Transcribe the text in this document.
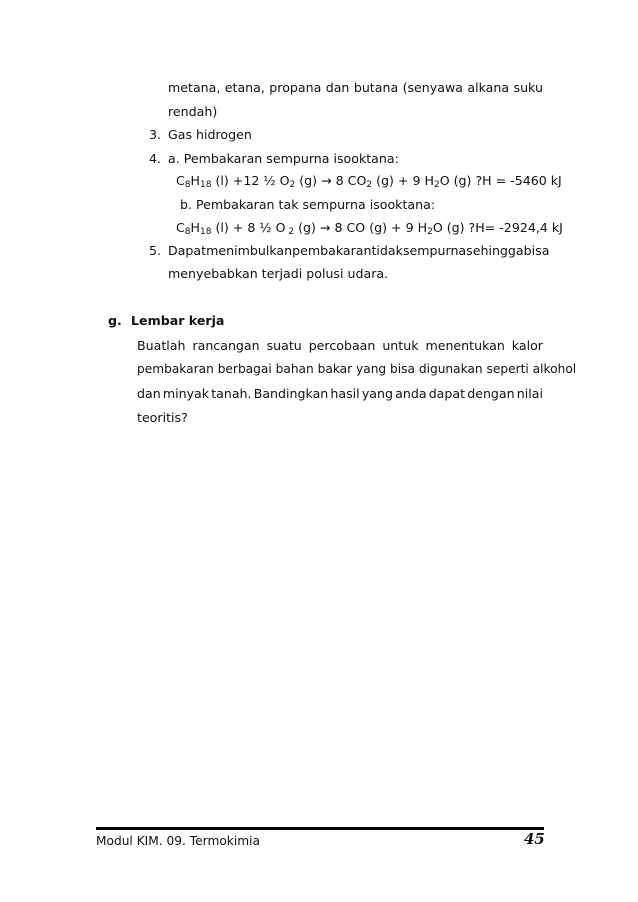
metana, etana, propana dan butana (senyawa alkana suku
rendah)
3. Gas hidrogen
4. a. Pembakaran sempurna isooktana:
$C_8H_{18}$ (l) +12 ½ $O_2$ (g) → 8 $CO_2$ (g) + 9 $H_2O$ (g) ?H = -5460 kJ
b. Pembakaran tak sempurna isooktana:
$C_8H_{18}$ (l) + 8 ½ O $_2$ (g) → 8 CO (g) + 9 $H_2O$ (g) ?H= -2924,4 kJ
5. Dapat menimbulkan pembakaran tidak sempurna sehingga bisa
menyebabkan terjadi polusi udara.
g. Lembar kerja
Buatlah rancangan suatu percobaan untuk menentukan kalor
pembakaran berbagai bahan bakar yang bisa digunakan seperti alkohol
dan minyak tanah. Bandingkan hasil yang anda dapat dengan nilai
teoritis?
Modul KIM. 09. Termokimia	45
